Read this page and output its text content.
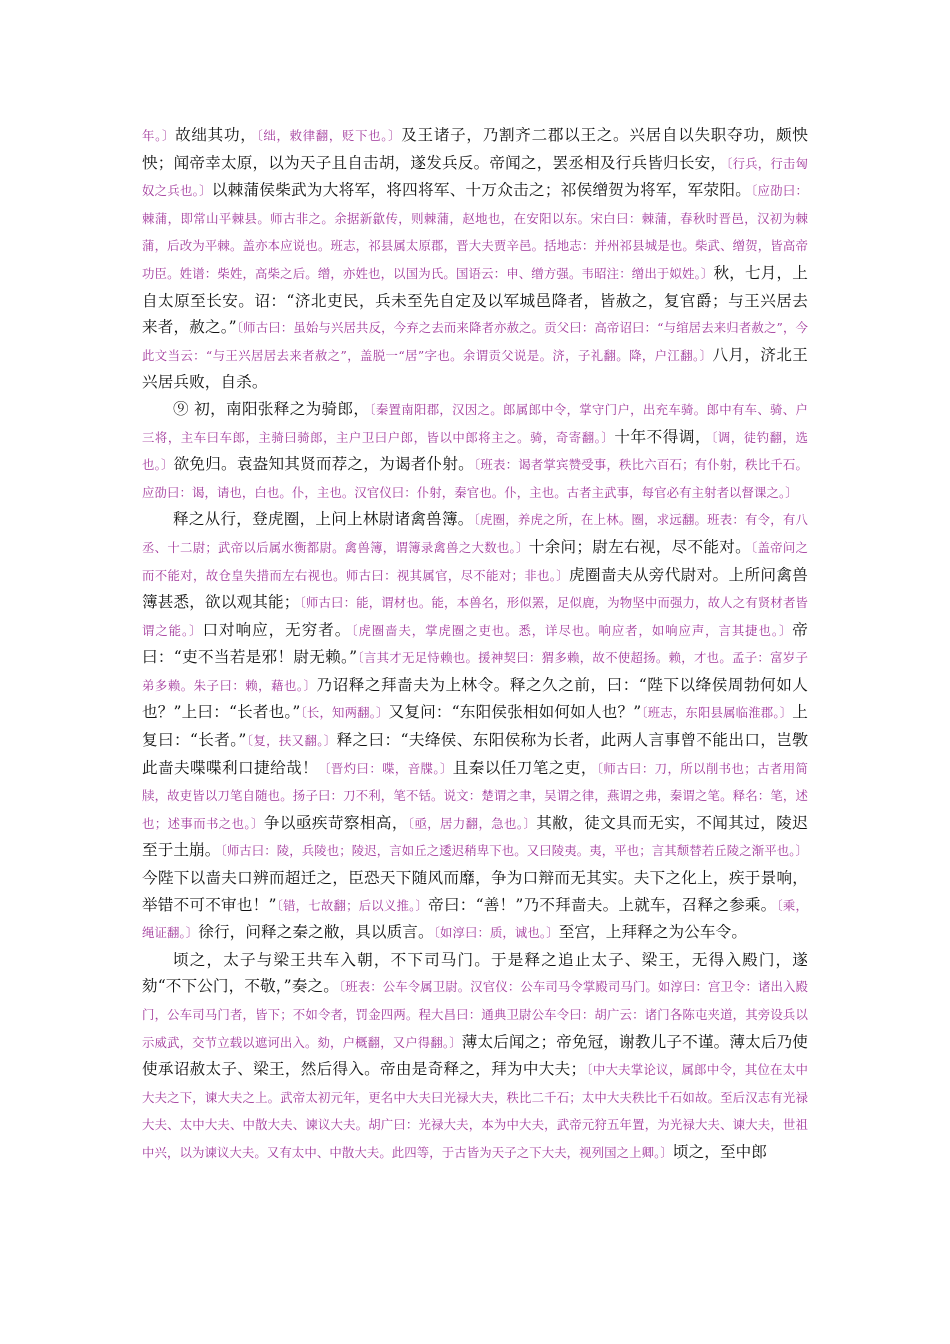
年。〕故绌其功，〔绌，敕律翻，贬下也。〕及王诸子，乃割齐二郡以王之。兴居自以失职夺功，颇怏怏；闻帝幸太原，以为天子且自击胡，遂发兵反。帝闻之，罢丞相及行兵皆归长安，〔行兵，行击匈奴之兵也。〕以棘蒲侯柴武为大将军，将四将军、十万众击之；祁侯缯贺为将军，军荥阳。〔应劭曰：棘蒲，即常山平棘县。师古非之。余据新歙传，则棘蒲，赵地也，在安阳以东。宋白曰：棘蒲，春秋时晋邑，汉初为棘蒲，后改为平棘。盖亦本应说也。班志，祁县属太原郡，晋大夫贾辛邑。括地志：并州祁县城是也。柴武、缯贺，皆高帝功臣。姓谱：柴姓，高柴之后。缯，亦姓也，以国为氏。国语云：申、缯方强。韦昭注：缯出于姒姓。〕秋，七月，上自太原至长安。诏：“济北吏民，兵未至先自定及以军城邑降者，皆赦之，复官爵；与王兴居去来者，赦之。”〔师古曰：虽始与兴居共反，今弃之去而来降者亦赦之。贡父曰：高帝诏曰：“与绾居去来归者赦之”，今此文当云：“与王兴居居去来者赦之”，盖脱一“居”字也。余谓贡父说是。济，子礼翻。降，户江翻。〕八月，济北王兴居兵败，自杀。

⑨ 初，南阳张释之为骑郎，〔秦置南阳郡，汉因之。郎属郎中令，掌守门户，出充车骑。郎中有车、骑、户三将，主车曰车郎，主骑曰骑郎，主户卫曰户郎，皆以中郎将主之。骑，奇寄翻。〕十年不得调，〔调，徒钓翻，选也。〕欲免归。袁盎知其贤而荐之，为谒者仆射。〔班表：谒者掌宾赞受事，秩比六百石；有仆射，秩比千石。应劭曰：谒，请也，白也。仆，主也。汉官仪曰：仆射，秦官也。仆，主也。古者主武事，每官必有主射者以督课之。〕

释之从行，登虎圈，上问上林尉诸禽兽簿。〔虎圈，养虎之所，在上林。圈，求远翻。班表：有令，有八丞、十二尉；武帝以后属水衡都尉。禽兽簿，谓簿录禽兽之大数也。〕十余问；尉左右视，尽不能对。〔盖帝问之而不能对，故仓皇失措而左右视也。师古曰：视其属官，尽不能对；非也。〕虎圈啬夫从旁代尉对。上所问禽兽簿甚悉，欲以观其能；〔师古曰：能，谓材也。能，本兽名，形似罴，足似鹿，为物坚中而强力，故人之有贤材者皆谓之能。〕口对响应，无穷者。〔虎圈啬夫，掌虎圈之吏也。悉，详尽也。响应者，如响应声，言其捷也。〕帝曰：“吏不当若是邪！尉无赖。”〔言其才无足恃赖也。援神契曰：猬多赖，故不使超扬。赖，才也。孟子：富岁子弟多赖。朱子曰：赖，藉也。〕乃诏释之拜啬夫为上林令。释之久之前，曰：“陛下以绛侯周勃何如人也？”上曰：“长者也。”〔长，知两翻。〕又复问：“东阳侯张相如何如人也？”〔班志，东阳县属临淮郡。〕上复曰：“长者。”〔复，扶又翻。〕释之曰：“夫绛侯、东阳侯称为长者，此两人言事曾不能出口，岂斆此啬夫喋喋利口捷给哉！〔晋灼曰：喋，音牒。〕且秦以任刀笔之吏，〔师古曰：刀，所以削书也；古者用简牍，故吏皆以刀笔自随也。扬子曰：刀不利，笔不铦。说文：楚谓之聿，吴谓之律，燕谓之弗，秦谓之笔。释名：笔，述也；述事而书之也。〕争以亟疾苛察相高，〔亟，居力翻，急也。〕其敝，徒文具而无实，不闻其过，陵迟至于土崩。〔师古曰：陵，兵陵也；陵迟，言如丘之逶迟稍卑下也。又曰陵夷。夷，平也；言其颓替若丘陵之渐平也。〕今陛下以啬夫口辨而超迁之，臣恐天下随风而靡，争为口辩而无其实。夫下之化上，疾于景响，举错不可不审也！”〔错，七故翻；后以义推。〕帝曰：“善！”乃不拜啬夫。上就车，召释之参乘。〔乘，绳证翻。〕徐行，问释之秦之敝，具以质言。〔如淳曰：质，诚也。〕至宫，上拜释之为公车令。

顷之，太子与梁王共车入朝，不下司马门。于是释之追止太子、梁王，无得入殿门，遂劾“不下公门，不敬，”奏之。〔班表：公车令属卫尉。汉官仪：公车司马令掌殿司马门。如淳曰：宫卫令：诸出入殿门，公车司马门者，皆下；不如令者，罚金四两。程大昌曰：通典卫尉公车令曰：胡广云：诸门各陈屯夹道，其旁设兵以示威武，交节立载以遮诃出入。劾，户概翻，又户得翻。〕薄太后闻之；帝免冠，谢教儿子不谨。薄太后乃使使承诏赦太子、梁王，然后得入。帝由是奇释之，拜为中大夫；〔中大夫掌论议，属郎中令，其位在太中大夫之下，谏大夫之上。武帝太初元年，更名中大夫曰光禄大夫，秩比二千石；太中大夫秩比千石如故。至后汉志有光禄大夫、太中大夫、中散大夫、谏议大夫。胡广曰：光禄大夫，本为中大夫，武帝元狩五年置，为光禄大夫、谏大夫，世祖中兴，以为谏议大夫。又有太中、中散大夫。此四等，于古皆为天子之下大夫，视列国之上卿。〕顷之，至中郎
